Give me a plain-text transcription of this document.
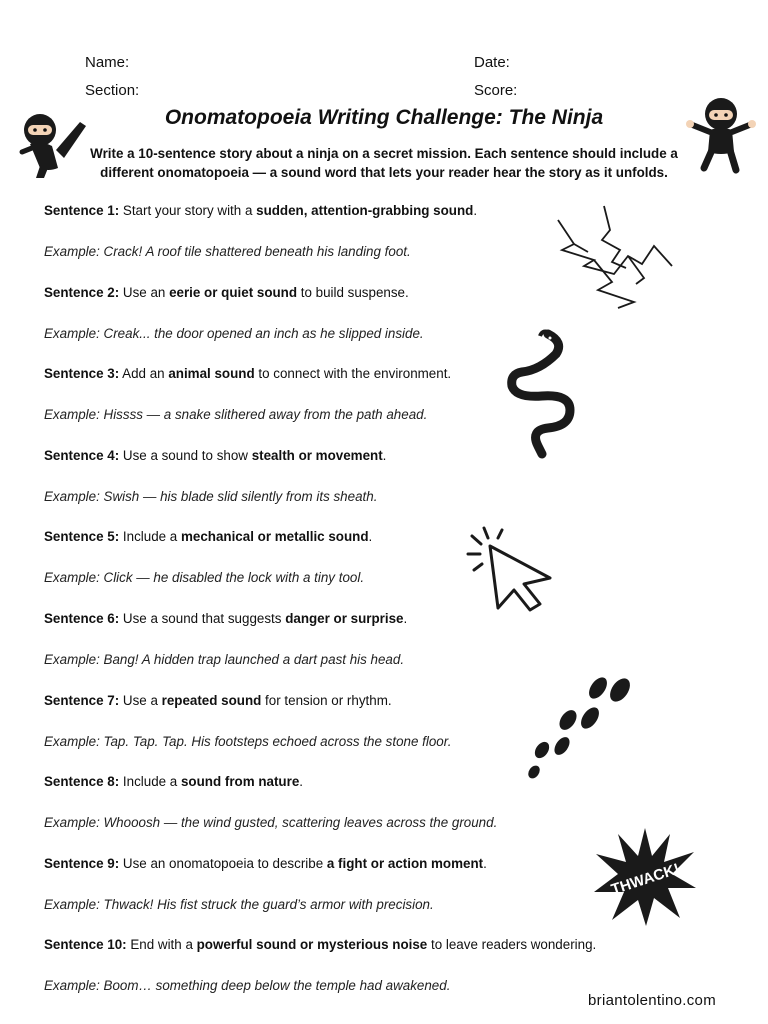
Name:	Date:
Section:	Score:
Onomatopoeia Writing Challenge: The Ninja
Write a 10-sentence story about a ninja on a secret mission. Each sentence should include a different onomatopoeia — a sound word that lets your reader hear the story as it unfolds.
Sentence 1: Start your story with a sudden, attention-grabbing sound.
Example: Crack! A roof tile shattered beneath his landing foot.
Sentence 2: Use an eerie or quiet sound to build suspense.
Example: Creak... the door opened an inch as he slipped inside.
Sentence 3: Add an animal sound to connect with the environment.
Example: Hissss — a snake slithered away from the path ahead.
Sentence 4: Use a sound to show stealth or movement.
Example: Swish — his blade slid silently from its sheath.
Sentence 5: Include a mechanical or metallic sound.
Example: Click — he disabled the lock with a tiny tool.
Sentence 6: Use a sound that suggests danger or surprise.
Example: Bang! A hidden trap launched a dart past his head.
Sentence 7: Use a repeated sound for tension or rhythm.
Example: Tap. Tap. Tap. His footsteps echoed across the stone floor.
Sentence 8: Include a sound from nature.
Example: Whooosh — the wind gusted, scattering leaves across the ground.
Sentence 9: Use an onomatopoeia to describe a fight or action moment.
Example: Thwack! His fist struck the guard’s armor with precision.
Sentence 10: End with a powerful sound or mysterious noise to leave readers wondering.
Example: Boom… something deep below the temple had awakened.
THWACK!
briantolentino.com
